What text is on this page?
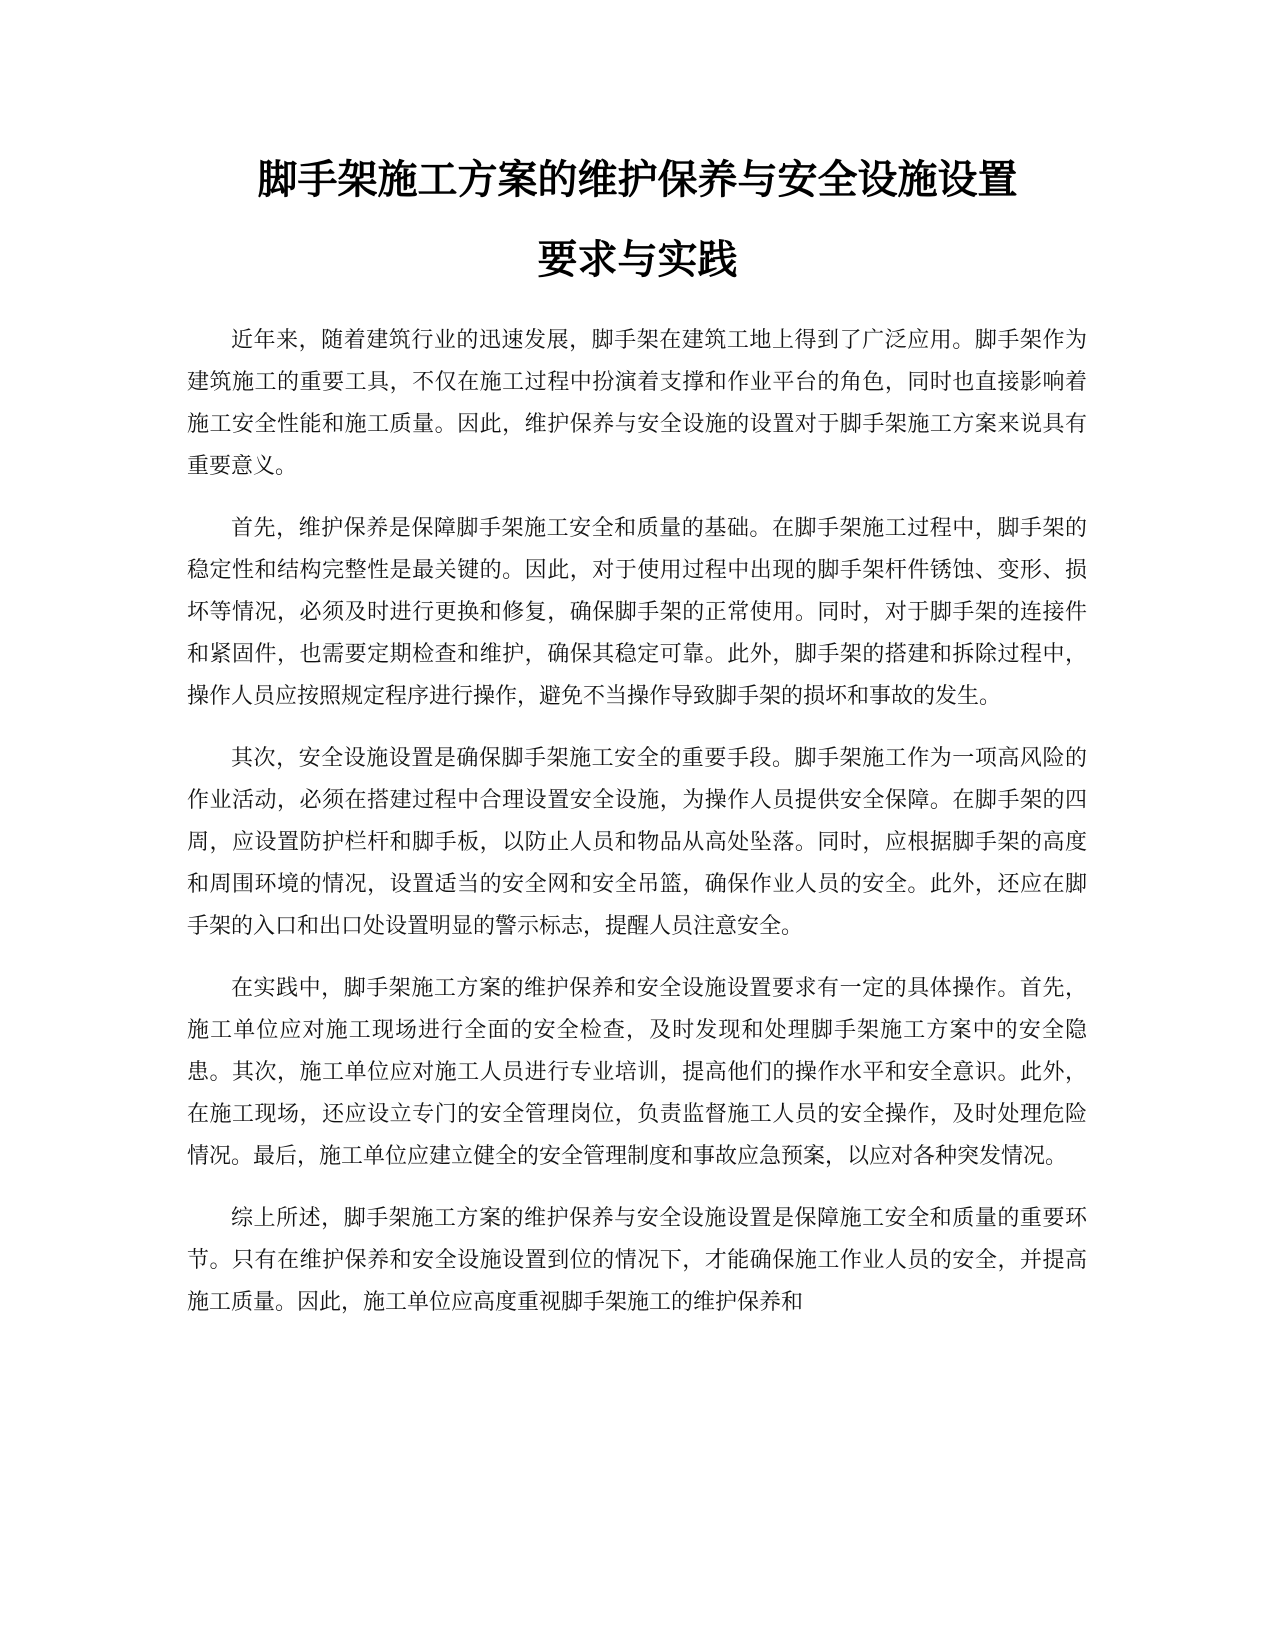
脚手架施工方案的维护保养与安全设施设置
要求与实践

近年来，随着建筑行业的迅速发展，脚手架在建筑工地上得到了广泛应用。脚手架作为建筑施工的重要工具，不仅在施工过程中扮演着支撑和作业平台的角色，同时也直接影响着施工安全性能和施工质量。因此，维护保养与安全设施的设置对于脚手架施工方案来说具有重要意义。

首先，维护保养是保障脚手架施工安全和质量的基础。在脚手架施工过程中，脚手架的稳定性和结构完整性是最关键的。因此，对于使用过程中出现的脚手架杆件锈蚀、变形、损坏等情况，必须及时进行更换和修复，确保脚手架的正常使用。同时，对于脚手架的连接件和紧固件，也需要定期检查和维护，确保其稳定可靠。此外，脚手架的搭建和拆除过程中，操作人员应按照规定程序进行操作，避免不当操作导致脚手架的损坏和事故的发生。

其次，安全设施设置是确保脚手架施工安全的重要手段。脚手架施工作为一项高风险的作业活动，必须在搭建过程中合理设置安全设施，为操作人员提供安全保障。在脚手架的四周，应设置防护栏杆和脚手板，以防止人员和物品从高处坠落。同时，应根据脚手架的高度和周围环境的情况，设置适当的安全网和安全吊篮，确保作业人员的安全。此外，还应在脚手架的入口和出口处设置明显的警示标志，提醒人员注意安全。

在实践中，脚手架施工方案的维护保养和安全设施设置要求有一定的具体操作。首先，施工单位应对施工现场进行全面的安全检查，及时发现和处理脚手架施工方案中的安全隐患。其次，施工单位应对施工人员进行专业培训，提高他们的操作水平和安全意识。此外，在施工现场，还应设立专门的安全管理岗位，负责监督施工人员的安全操作，及时处理危险情况。最后，施工单位应建立健全的安全管理制度和事故应急预案，以应对各种突发情况。

综上所述，脚手架施工方案的维护保养与安全设施设置是保障施工安全和质量的重要环节。只有在维护保养和安全设施设置到位的情况下，才能确保施工作业人员的安全，并提高施工质量。因此，施工单位应高度重视脚手架施工的维护保养和
